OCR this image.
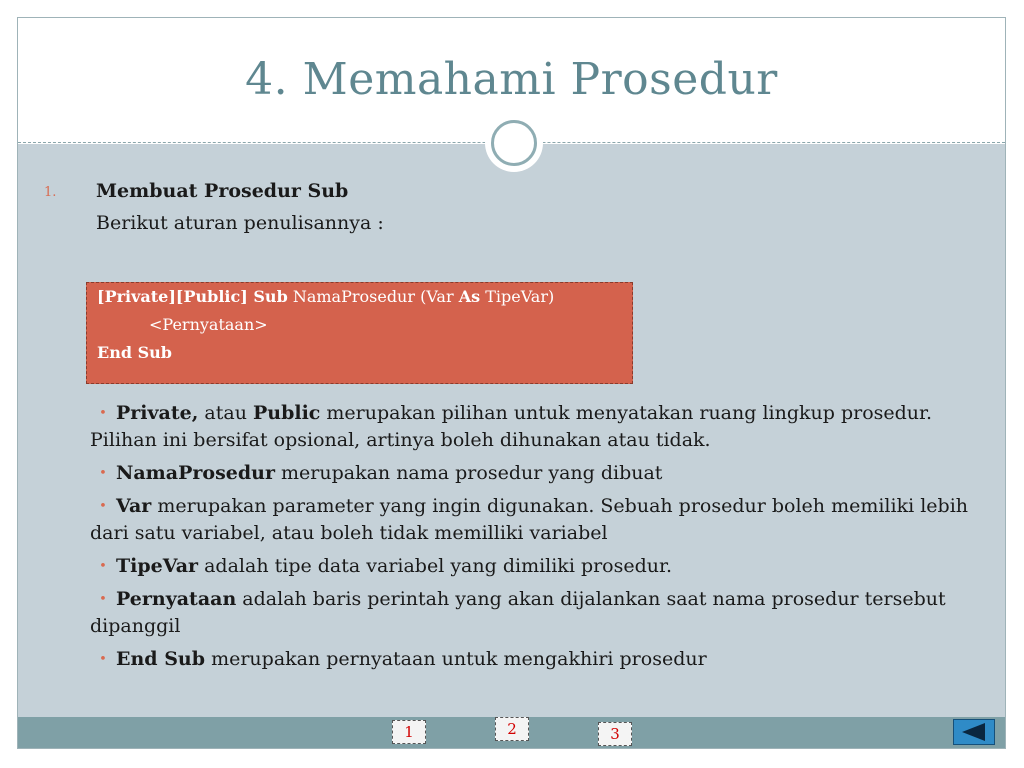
4. Memahami Prosedur
1. Membuat Prosedur Sub
Berikut aturan penulisannya :
[Private][Public] Sub NamaProsedur (Var As TipeVar)
<Pernyataan>
End Sub
• Private, atau Public merupakan pilihan untuk menyatakan ruang lingkup prosedur. Pilihan ini bersifat opsional, artinya boleh dihunakan atau tidak.
• NamaProsedur merupakan nama prosedur yang dibuat
• Var merupakan parameter yang ingin digunakan. Sebuah prosedur boleh memiliki lebih dari satu variabel, atau boleh tidak memilliki variabel
• TipeVar adalah tipe data variabel yang dimiliki prosedur.
• Pernyataan adalah baris perintah yang akan dijalankan saat nama prosedur tersebut dipanggil
• End Sub merupakan pernyataan untuk mengakhiri prosedur
1	2	3
